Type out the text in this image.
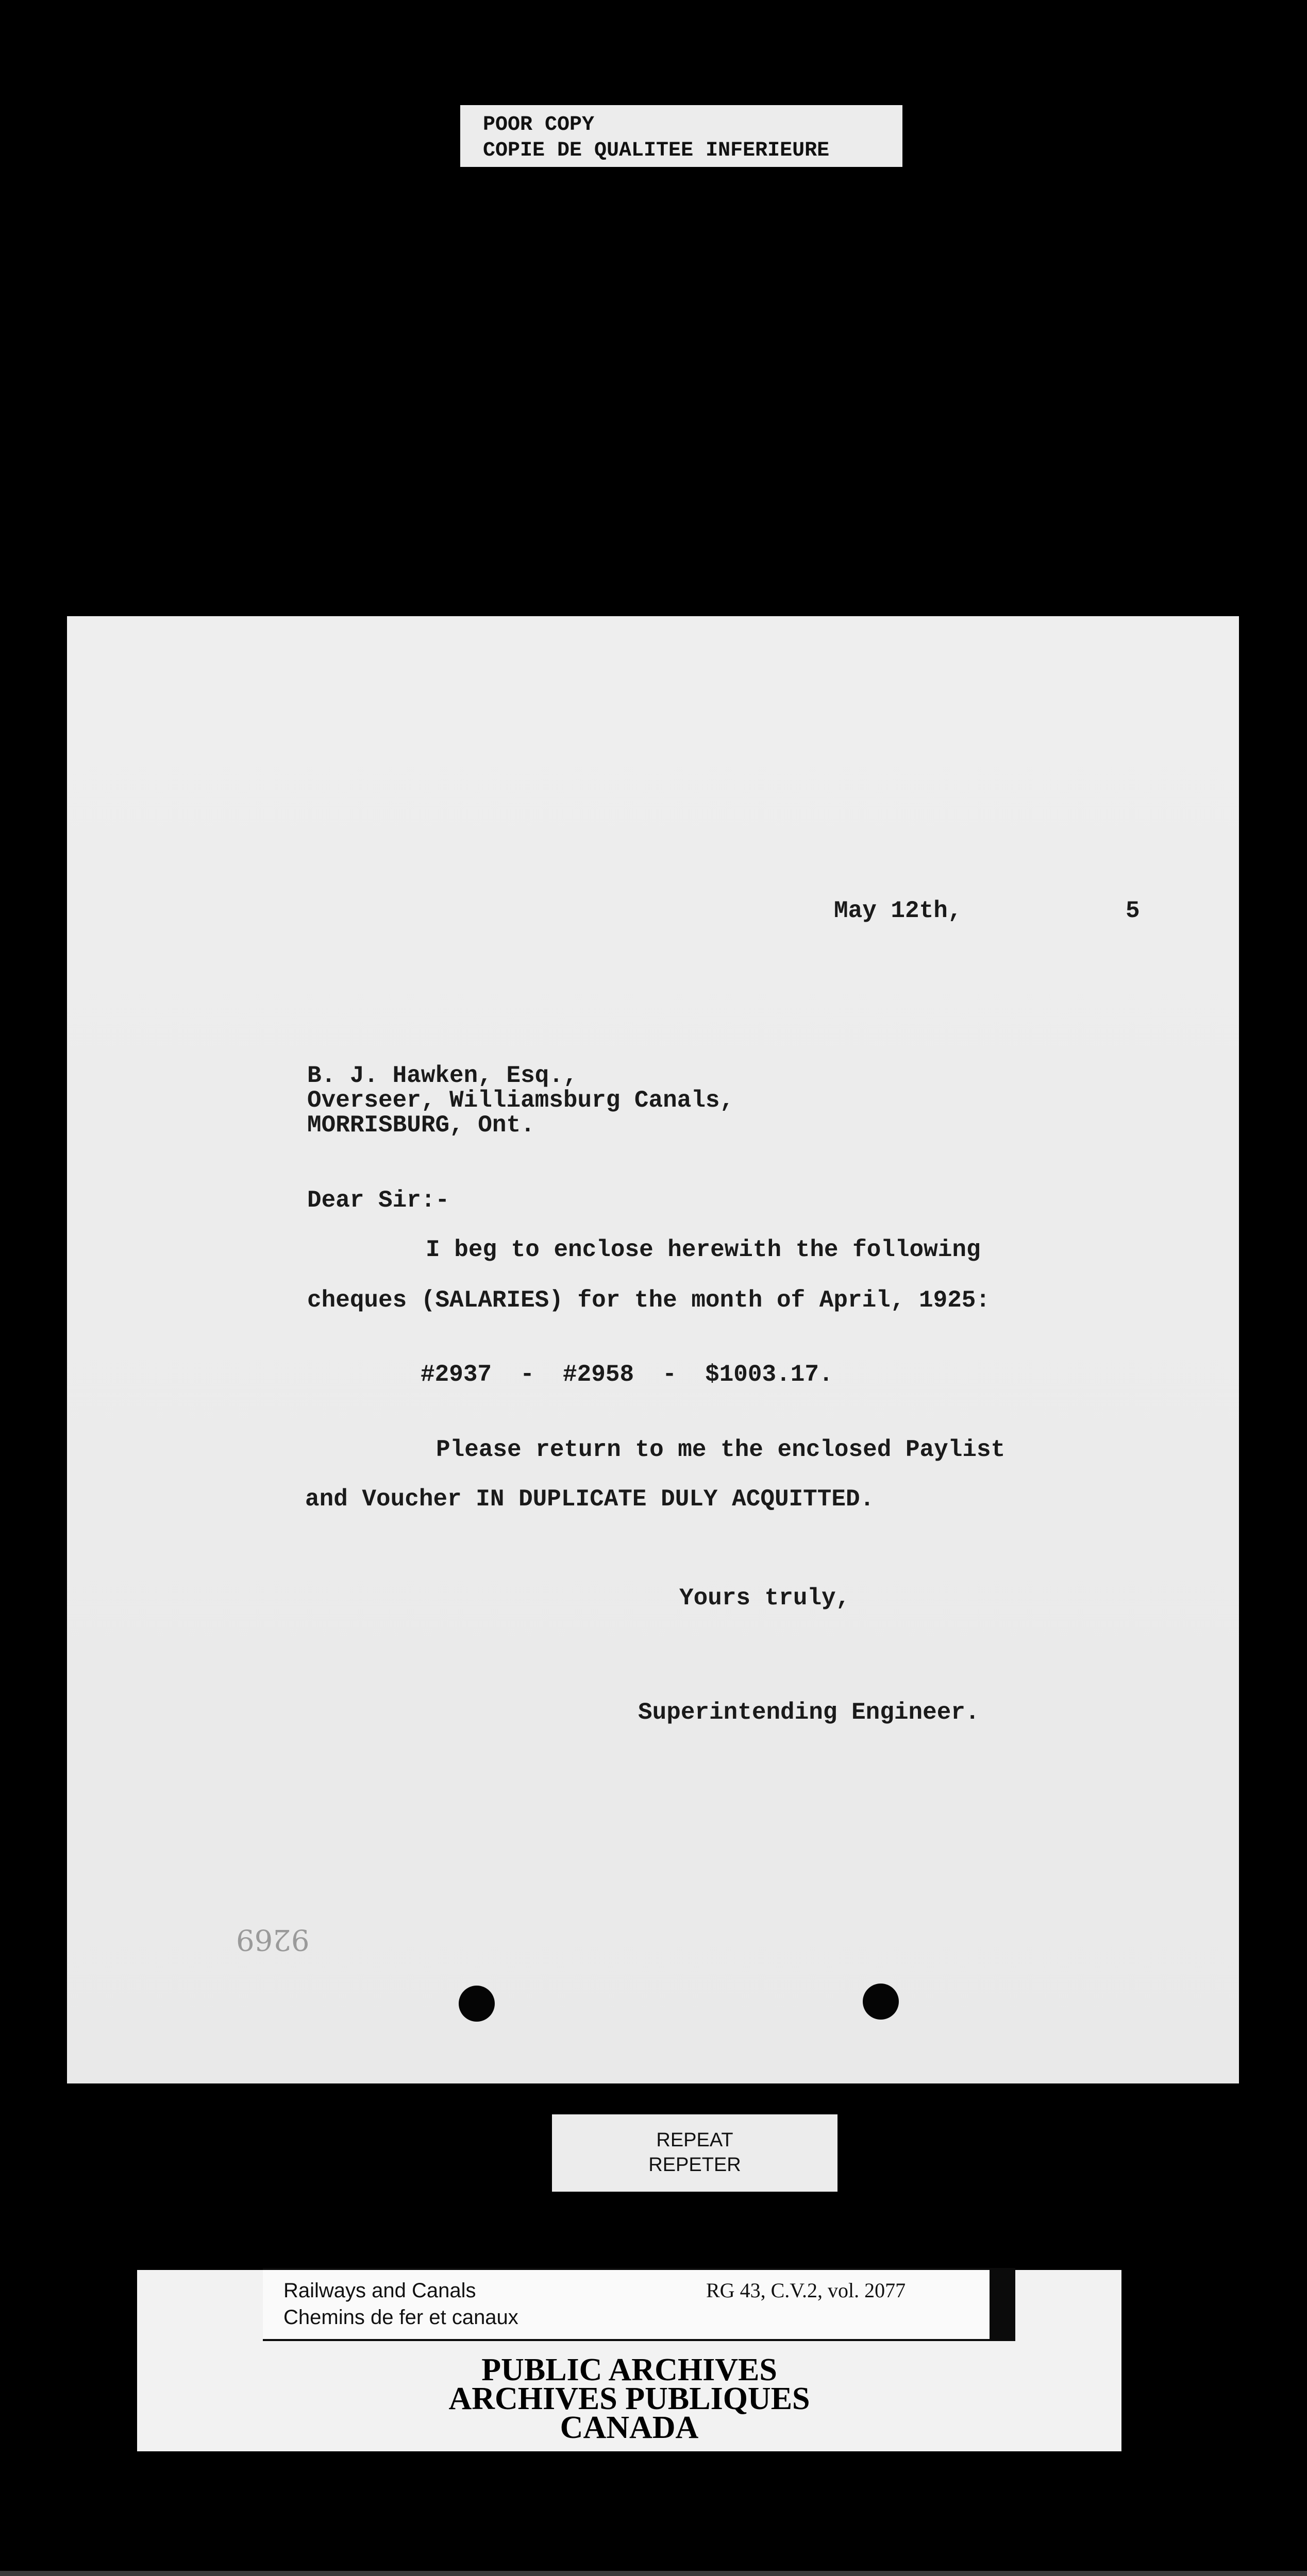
POOR COPY
COPIE DE QUALITEE INFERIEURE
May 12th,	5
B. J. Hawken, Esq.,
Overseer, Williamsburg Canals,
MORRISBURG, Ont.
Dear Sir:-
I beg to enclose herewith the following
cheques (SALARIES) for the month of April, 1925:
#2937  -  #2958  -  $1003.17.
Please return to me the enclosed Paylist
and Voucher IN DUPLICATE DULY ACQUITTED.
Yours truly,
Superintending Engineer.
9269
REPEAT
REPETER
Railways and Canals
Chemins de fer et canaux
RG 43, C.V.2, vol. 2077
PUBLIC ARCHIVES
ARCHIVES PUBLIQUES
CANADA
